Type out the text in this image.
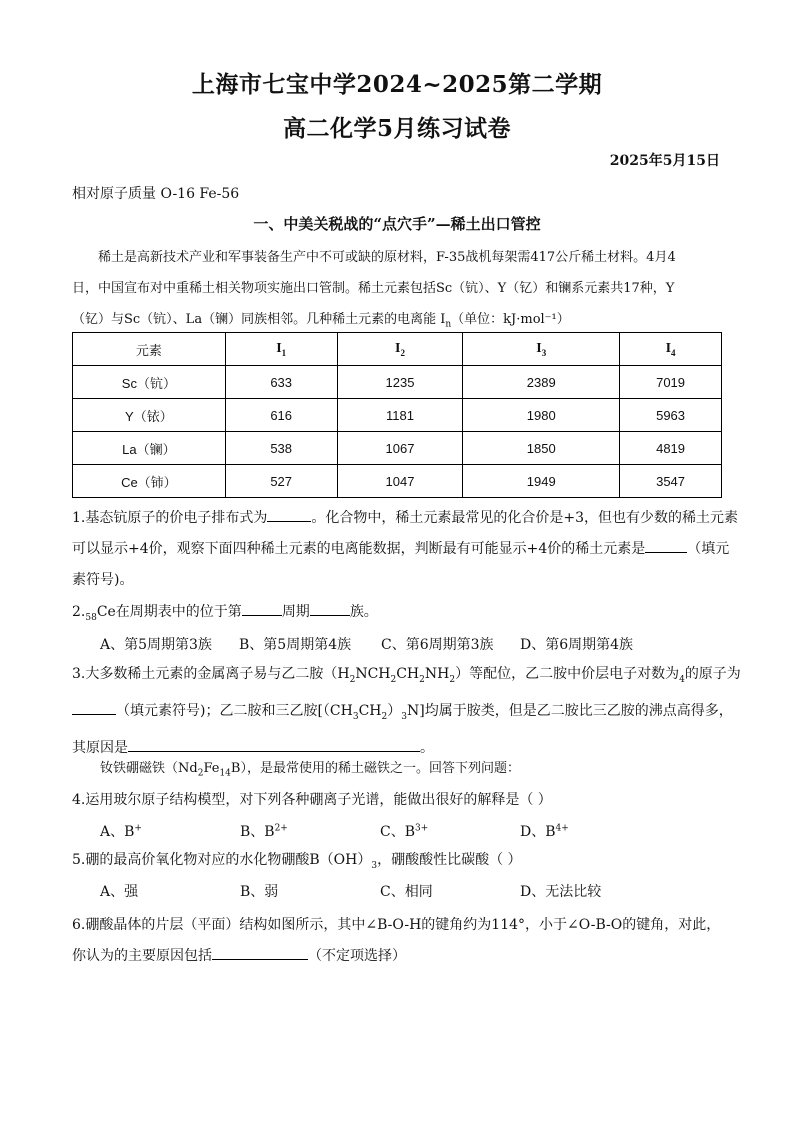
上海市七宝中学2024~2025第二学期
高二化学5月练习试卷
2025年5月15日
相对原子质量 O-16 Fe-56
一、中美关税战的“点穴手”—稀土出口管控
稀土是高新技术产业和军事装备生产中不可或缺的原材料，F-35战机每架需417公斤稀土材料。4月4
日，中国宣布对中重稀土相关物项实施出口管制。稀土元素包括Sc（钪）、Y（钇）和镧系元素共17种，Y
（钇）与Sc（钪）、La（镧）同族相邻。几种稀土元素的电离能 $I_n$（单位：kJ·mol⁻¹）
元素	$I_1$	$I_2$	$I_3$	$I_4$
Sc（钪）	633	1235	2389	7019
Y（铱）	616	1181	1980	5963
La（镧）	538	1067	1850	4819
Ce（铈）	527	1047	1949	3547
1.基态钪原子的价电子排布式为	。化合物中，稀土元素最常见的化合价是+3，但也有少数的稀土元素
可以显示+4价，观察下面四种稀土元素的电离能数据，判断最有可能显示+4价的稀土元素是	（填元
素符号)。
$2._{58}Ce$在周期表中的位于第	周期	族。
A、第5周期第3族 B、第5周期第4族 C、第6周期第3族 D、第6周期第4族
3.大多数稀土元素的金属离子易与乙二胺$(H_2NCH_2CH_2NH_2)$等配位，乙二胺中价层电子对数为$_4$的原子为
（填元素符号)；乙二胺和三乙胺$[(CH_3CH_2)_3N]$均属于胺类，但是乙二胺比三乙胺的沸点高得多，
其原因是	。
钕铁硼磁铁$(Nd_2Fe_{14}B)$，是最常使用的稀土磁铁之一。回答下列问题：
4.运用玻尔原子结构模型，对下列各种硼离子光谱，能做出很好的解释是（ ）
A、B+	B、$B^{2+}$	C、$B^{3+}$	D、$B^{4+}$
5.硼的最高价氧化物对应的水化物硼酸$B(OH)_3$，硼酸酸性比碳酸（ ）
A、强	B、弱	C、相同	D、无法比较
6.硼酸晶体的片层（平面）结构如图所示，其中∠B-O-H的键角约为114°，小于∠O-B-O的键角，对此，
你认为的主要原因包括	（不定项选择）
